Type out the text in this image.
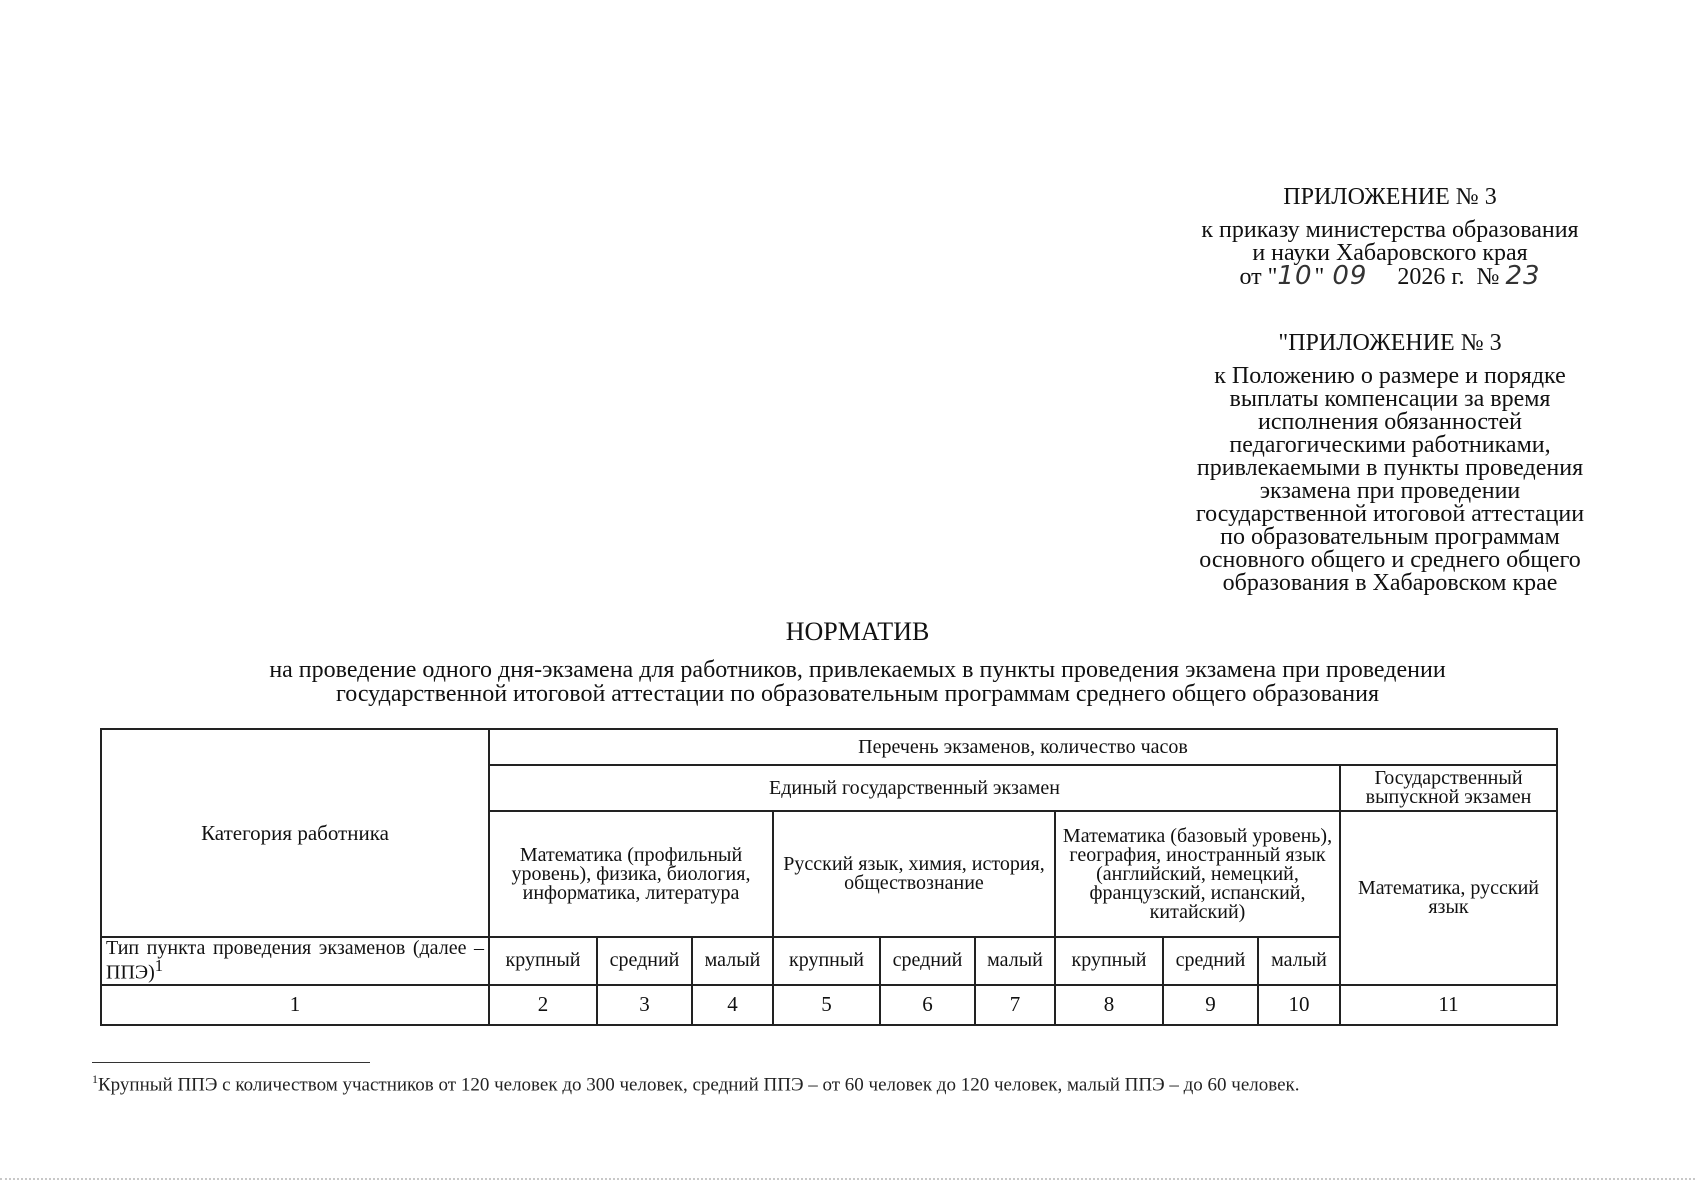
ПРИЛОЖЕНИЕ № 3
к приказу министерства образования
и науки Хабаровского края
от "10" 09 2026 г. № 23
"ПРИЛОЖЕНИЕ № 3
к Положению о размере и порядке
выплаты компенсации за время
исполнения обязанностей
педагогическими работниками,
привлекаемыми в пункты проведения
экзамена при проведении
государственной итоговой аттестации
по образовательным программам
основного общего и среднего общего
образования в Хабаровском крае
НОРМАТИВ
на проведение одного дня-экзамена для работников, привлекаемых в пункты проведения экзамена при проведении
государственной итоговой аттестации по образовательным программам среднего общего образования
Категория работника	Перечень экзаменов, количество часов									
	Единый государственный экзамен									Государственный выпускной экзамен
	Математика (профильный уровень), физика, биология, информатика, литература			Русский язык, химия, история, обществознание			Математика (базовый уровень), география, иностранный язык (английский, немецкий, французский, испанский, китайский)			Математика, русский язык
Тип пункта проведения экзаменов (далее – ППЭ)$^1$	крупный	средний	малый	крупный	средний	малый	крупный	средний	малый	
1	2	3	4	5	6	7	8	9	10	11
$^1$Крупный ППЭ с количеством участников от 120 человек до 300 человек, средний ППЭ – от 60 человек до 120 человек, малый ППЭ – до 60 человек.
